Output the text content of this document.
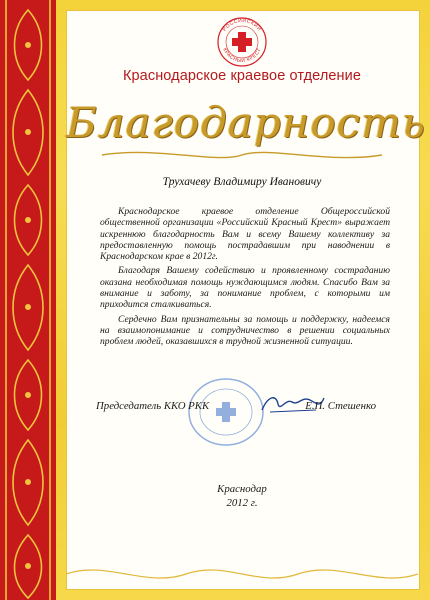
РОССИЙСКИЙ
КРАСНЫЙ КРЕСТ
Краснодарское краевое отделение
Благодарность
Трухачеву Владимиру Ивановичу

Краснодарское краевое отделение Общероссийской общественной организации «Российский Красный Крест» выражает искреннюю благодарность Вам и всему Вашему коллективу за предоставленную помощь пострадавшим при наводнении в Краснодарском крае в 2012г.

Благодаря Вашему содействию и проявленному состраданию оказана необходимая помощь нуждающимся людям. Спасибо Вам за внимание и заботу, за понимание проблем, с которыми им приходится сталкиваться.

Сердечно Вам признательны за помощь и поддержку, надеемся на взаимопонимание и сотрудничество в решении социальных проблем людей, оказавшихся в трудной жизненной ситуации.

Председатель ККО РКК	Е.П. Стешенко
Краснодар
2012 г.
